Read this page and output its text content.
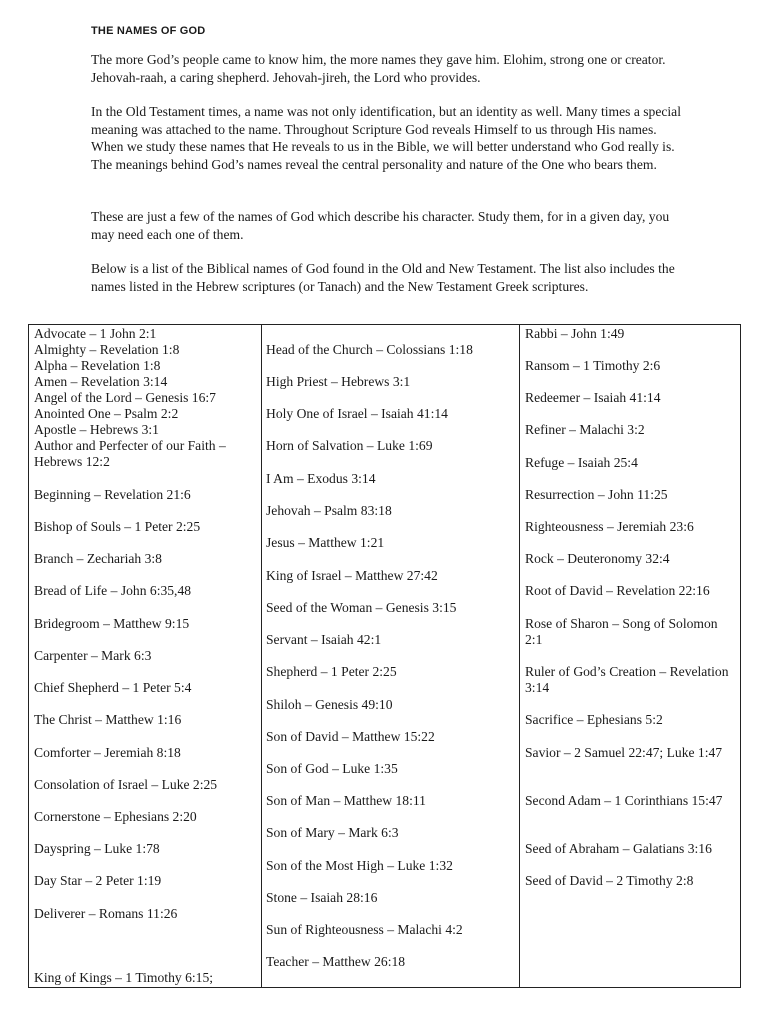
THE NAMES OF GOD

The more God’s people came to know him, the more names they gave him. Elohim, strong one or creator. Jehovah-raah, a caring shepherd. Jehovah-jireh, the Lord who provides.

In the Old Testament times, a name was not only identification, but an identity as well. Many times a special meaning was attached to the name. Throughout Scripture God reveals Himself to us through His names. When we study these names that He reveals to us in the Bible, we will better understand who God really is. The meanings behind God’s names reveal the central personality and nature of the One who bears them.

These are just a few of the names of God which describe his character. Study them, for in a given day, you may need each one of them.

Below is a list of the Biblical names of God found in the Old and New Testament. The list also includes the names listed in the Hebrew scriptures (or Tanach) and the New Testament Greek scriptures.

Advocate – 1 John 2:1
Almighty – Revelation 1:8
Alpha – Revelation 1:8
Amen – Revelation 3:14
Angel of the Lord – Genesis 16:7
Anointed One – Psalm 2:2
Apostle – Hebrews 3:1
Author and Perfecter of our Faith – Hebrews 12:2
Beginning – Revelation 21:6
Bishop of Souls – 1 Peter 2:25
Branch – Zechariah 3:8
Bread of Life – John 6:35,48
Bridegroom – Matthew 9:15
Carpenter – Mark 6:3
Chief Shepherd – 1 Peter 5:4
The Christ – Matthew 1:16
Comforter – Jeremiah 8:18
Consolation of Israel – Luke 2:25
Cornerstone – Ephesians 2:20
Dayspring – Luke 1:78
Day Star – 2 Peter 1:19
Deliverer – Romans 11:26
King of Kings – 1 Timothy 6:15;
Head of the Church – Colossians 1:18
High Priest – Hebrews 3:1
Holy One of Israel – Isaiah 41:14
Horn of Salvation – Luke 1:69
I Am – Exodus 3:14
Jehovah – Psalm 83:18
Jesus – Matthew 1:21
King of Israel – Matthew 27:42
Seed of the Woman – Genesis 3:15
Servant – Isaiah 42:1
Shepherd – 1 Peter 2:25
Shiloh – Genesis 49:10
Son of David – Matthew 15:22
Son of God – Luke 1:35
Son of Man – Matthew 18:11
Son of Mary – Mark 6:3
Son of the Most High – Luke 1:32
Stone – Isaiah 28:16
Sun of Righteousness – Malachi 4:2
Teacher – Matthew 26:18
Rabbi – John 1:49
Ransom – 1 Timothy 2:6
Redeemer – Isaiah 41:14
Refiner – Malachi 3:2
Refuge – Isaiah 25:4
Resurrection – John 11:25
Righteousness – Jeremiah 23:6
Rock – Deuteronomy 32:4
Root of David – Revelation 22:16
Rose of Sharon – Song of Solomon 2:1
Ruler of God’s Creation – Revelation 3:14
Sacrifice – Ephesians 5:2
Savior – 2 Samuel 22:47; Luke 1:47
Second Adam – 1 Corinthians 15:47
Seed of Abraham – Galatians 3:16
Seed of David – 2 Timothy 2:8
